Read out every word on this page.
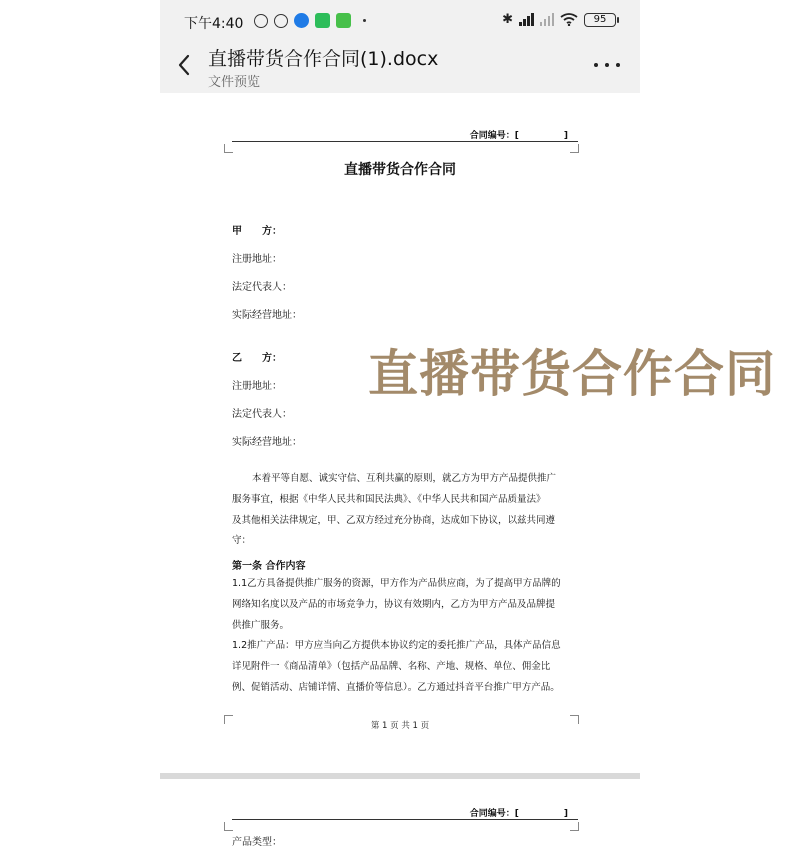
下午4:40	✱	95
直播带货合作合同(1).docx
文件预览
合同编号：[　　　　　]
直播带货合作合同
甲　　方：
注册地址：
法定代表人：
实际经营地址：
乙　　方：
注册地址：
法定代表人：
实际经营地址：
本着平等自愿、诚实守信、互利共赢的原则，就乙方为甲方产品提供推广
服务事宜，根据《中华人民共和国民法典》、《中华人民共和国产品质量法》
及其他相关法律规定，甲、乙双方经过充分协商，达成如下协议，以兹共同遵
守：
第一条 合作内容
1.1乙方具备提供推广服务的资源，甲方作为产品供应商，为了提高甲方品牌的
网络知名度以及产品的市场竞争力，协议有效期内，乙方为甲方产品及品牌提
供推广服务。
1.2推广产品：甲方应当向乙方提供本协议约定的委托推广产品，具体产品信息
详见附件一《商品清单》（包括产品品牌、名称、产地、规格、单位、佣金比
例、促销活动、店铺详情、直播价等信息）。乙方通过抖音平台推广甲方产品。
第 1 页 共 1 页
合同编号：[　　　　　]
产品类型：
直播带货合作合同
